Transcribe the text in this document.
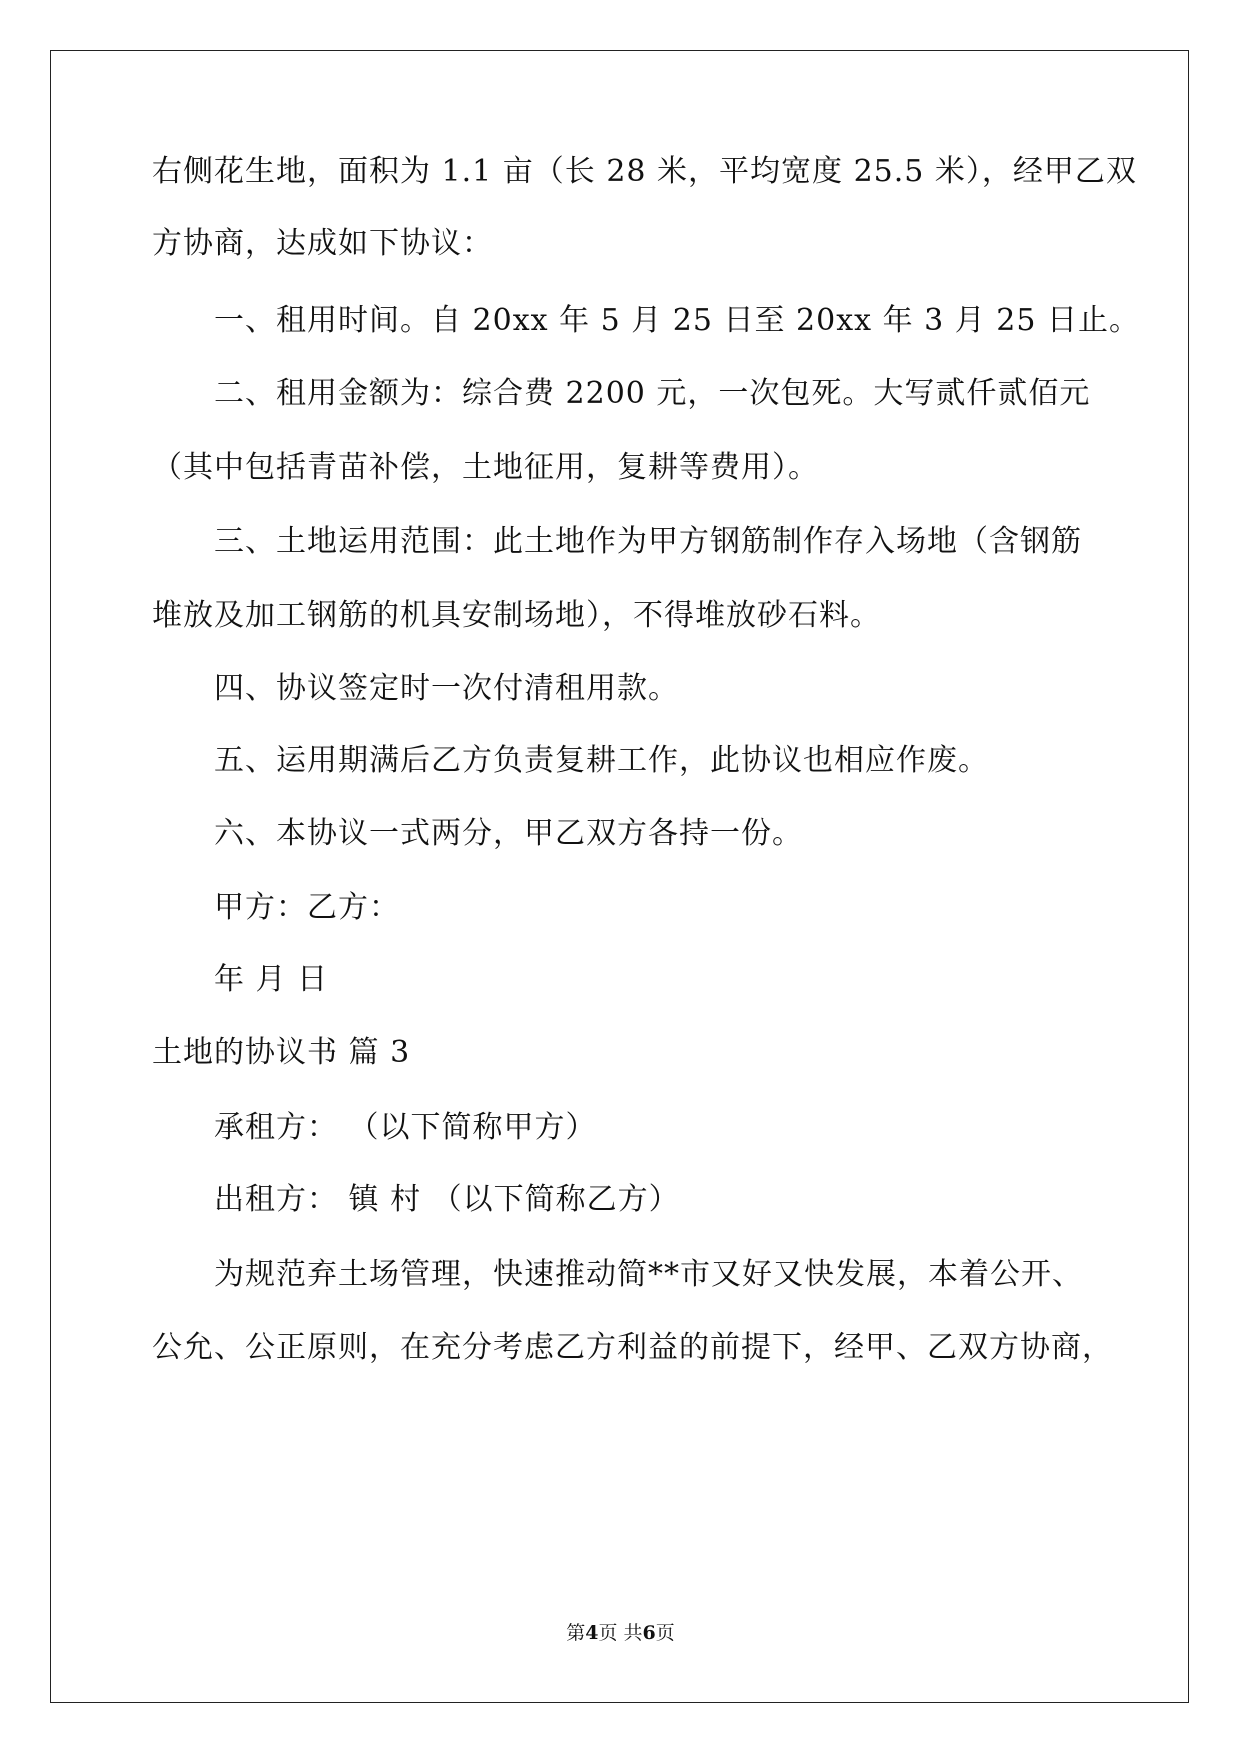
右侧花生地，面积为 1.1 亩（长 28 米，平均宽度 25.5 米），经甲乙双
方协商，达成如下协议：
一、租用时间。自 20xx 年 5 月 25 日至 20xx 年 3 月 25 日止。
二、租用金额为：综合费 2200 元，一次包死。大写贰仟贰佰元
（其中包括青苗补偿，土地征用，复耕等费用）。
三、土地运用范围：此土地作为甲方钢筋制作存入场地（含钢筋
堆放及加工钢筋的机具安制场地），不得堆放砂石料。
四、协议签定时一次付清租用款。
五、运用期满后乙方负责复耕工作，此协议也相应作废。
六、本协议一式两分，甲乙双方各持一份。
甲方：乙方：
年 月 日
土地的协议书 篇 3
承租方： （以下简称甲方）
出租方： 镇 村 （以下简称乙方）
为规范弃土场管理，快速推动简**市又好又快发展，本着公开、
公允、公正原则，在充分考虑乙方利益的前提下，经甲、乙双方协商，
第4页 共6页
